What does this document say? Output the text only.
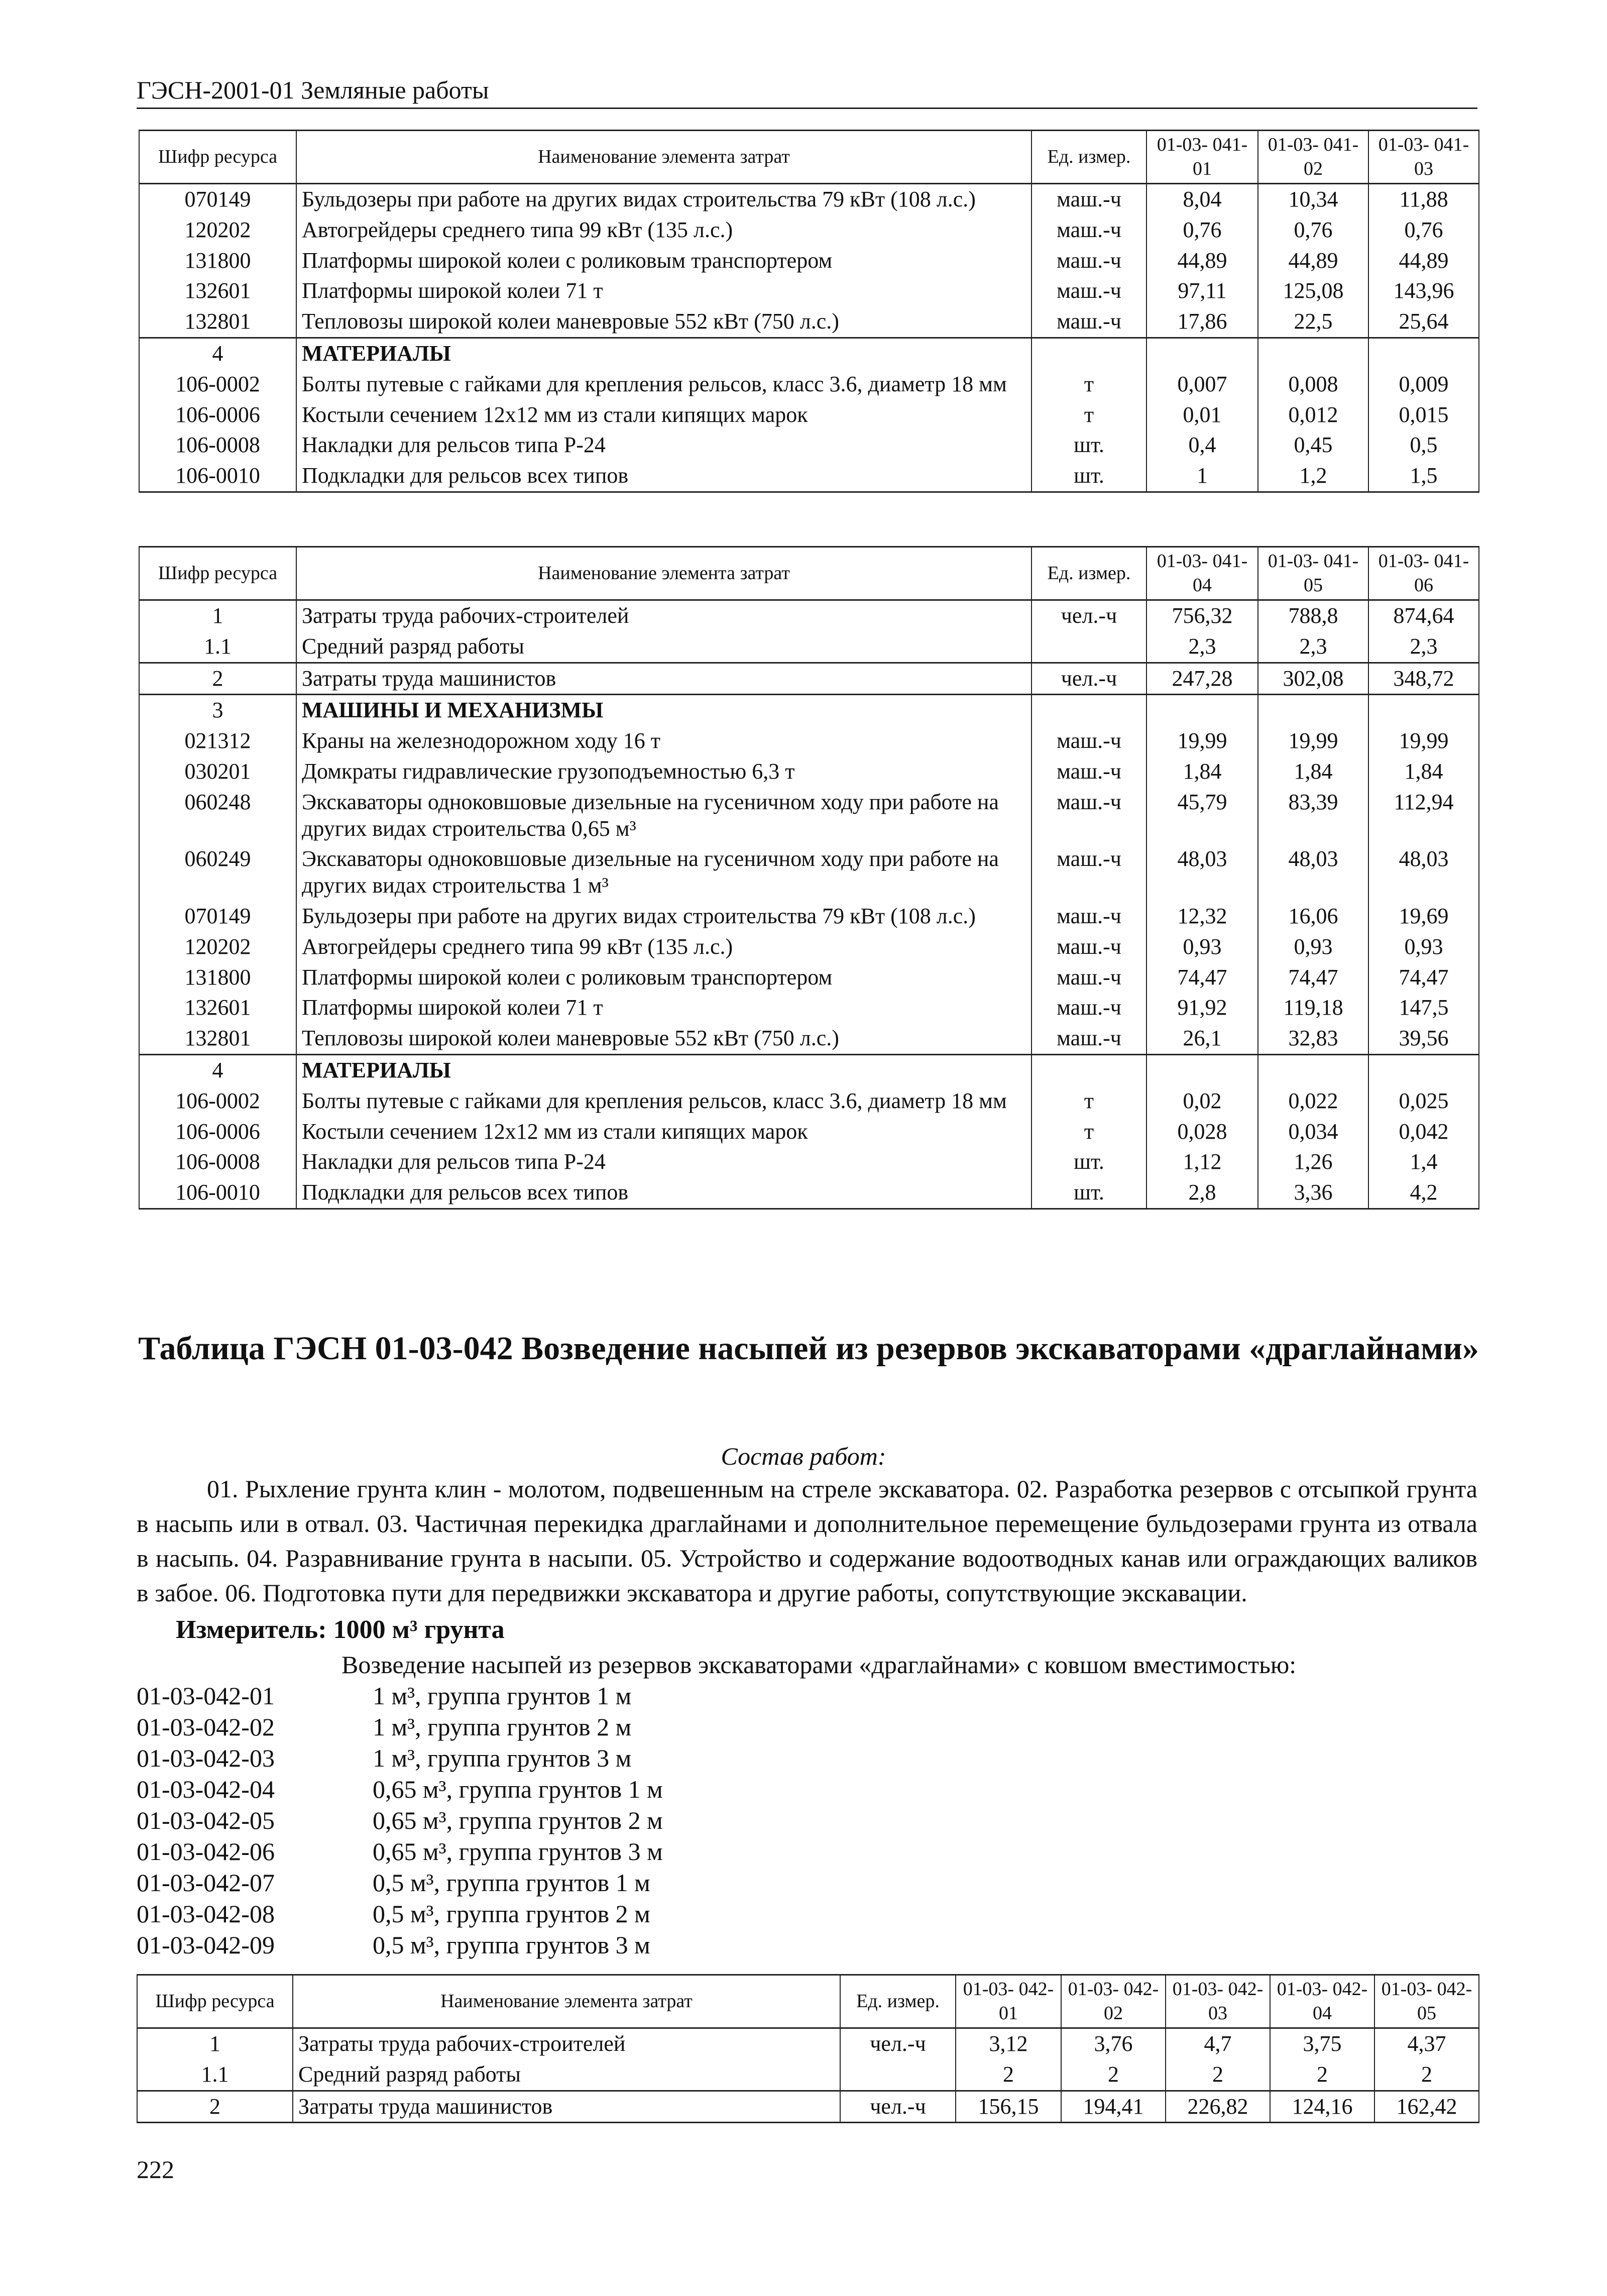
ГЭСН-2001-01 Земляные работы
Шифр ресурса	Наименование элемента затрат	Ед. измер.	01-03- 041-01	01-03- 041-02	01-03- 041-03
070149	Бульдозеры при работе на других видах строительства 79 кВт (108 л.с.)	маш.-ч	8,04	10,34	11,88
120202	Автогрейдеры среднего типа 99 кВт (135 л.с.)	маш.-ч	0,76	0,76	0,76
131800	Платформы широкой колеи с роликовым транспортером	маш.-ч	44,89	44,89	44,89
132601	Платформы широкой колеи 71 т	маш.-ч	97,11	125,08	143,96
132801	Тепловозы широкой колеи маневровые 552 кВт (750 л.с.)	маш.-ч	17,86	22,5	25,64
4	МАТЕРИАЛЫ				
106-0002	Болты путевые с гайками для крепления рельсов, класс 3.6, диаметр 18 мм	т	0,007	0,008	0,009
106-0006	Костыли сечением 12x12 мм из стали кипящих марок	т	0,01	0,012	0,015
106-0008	Накладки для рельсов типа Р-24	шт.	0,4	0,45	0,5
106-0010	Подкладки для рельсов всех типов	шт.	1	1,2	1,5
Шифр ресурса	Наименование элемента затрат	Ед. измер.	01-03- 041-04	01-03- 041-05	01-03- 041-06
1	Затраты труда рабочих-строителей	чел.-ч	756,32	788,8	874,64
1.1	Средний разряд работы		2,3	2,3	2,3
2	Затраты труда машинистов	чел.-ч	247,28	302,08	348,72
3	МАШИНЫ И МЕХАНИЗМЫ				
021312	Краны на железнодорожном ходу 16 т	маш.-ч	19,99	19,99	19,99
030201	Домкраты гидравлические грузоподъемностью 6,3 т	маш.-ч	1,84	1,84	1,84
060248	Экскаваторы одноковшовые дизельные на гусеничном ходу при работе на других видах строительства 0,65 м³	маш.-ч	45,79	83,39	112,94
060249	Экскаваторы одноковшовые дизельные на гусеничном ходу при работе на других видах строительства 1 м³	маш.-ч	48,03	48,03	48,03
070149	Бульдозеры при работе на других видах строительства 79 кВт (108 л.с.)	маш.-ч	12,32	16,06	19,69
120202	Автогрейдеры среднего типа 99 кВт (135 л.с.)	маш.-ч	0,93	0,93	0,93
131800	Платформы широкой колеи с роликовым транспортером	маш.-ч	74,47	74,47	74,47
132601	Платформы широкой колеи 71 т	маш.-ч	91,92	119,18	147,5
132801	Тепловозы широкой колеи маневровые 552 кВт (750 л.с.)	маш.-ч	26,1	32,83	39,56
4	МАТЕРИАЛЫ				
106-0002	Болты путевые с гайками для крепления рельсов, класс 3.6, диаметр 18 мм	т	0,02	0,022	0,025
106-0006	Костыли сечением 12x12 мм из стали кипящих марок	т	0,028	0,034	0,042
106-0008	Накладки для рельсов типа Р-24	шт.	1,12	1,26	1,4
106-0010	Подкладки для рельсов всех типов	шт.	2,8	3,36	4,2
Таблица ГЭСН 01-03-042 Возведение насыпей из резервов экскаваторами «драглайнами»
Состав работ:
01. Рыхление грунта клин - молотом, подвешенным на стреле экскаватора. 02. Разработка резервов с отсыпкой грунта в насыпь или в отвал. 03. Частичная перекидка драглайнами и дополнительное перемещение бульдозерами грунта из отвала в насыпь. 04. Разравнивание грунта в насыпи. 05. Устройство и содержание водоотводных канав или ограждающих валиков в забое. 06. Подготовка пути для передвижки экскаватора и другие работы, сопутствующие экскавации.
Измеритель: 1000 м³ грунта
Возведение насыпей из резервов экскаваторами «драглайнами» с ковшом вместимостью:
01-03-042-01	1 м³, группа грунтов 1 м
01-03-042-02	1 м³, группа грунтов 2 м
01-03-042-03	1 м³, группа грунтов 3 м
01-03-042-04	0,65 м³, группа грунтов 1 м
01-03-042-05	0,65 м³, группа грунтов 2 м
01-03-042-06	0,65 м³, группа грунтов 3 м
01-03-042-07	0,5 м³, группа грунтов 1 м
01-03-042-08	0,5 м³, группа грунтов 2 м
01-03-042-09	0,5 м³, группа грунтов 3 м
Шифр ресурса	Наименование элемента затрат	Ед. измер.	01-03- 042-01	01-03- 042-02	01-03- 042-03	01-03- 042-04	01-03- 042-05
1	Затраты труда рабочих-строителей	чел.-ч	3,12	3,76	4,7	3,75	4,37
1.1	Средний разряд работы		2	2	2	2	2
2	Затраты труда машинистов	чел.-ч	156,15	194,41	226,82	124,16	162,42
222
